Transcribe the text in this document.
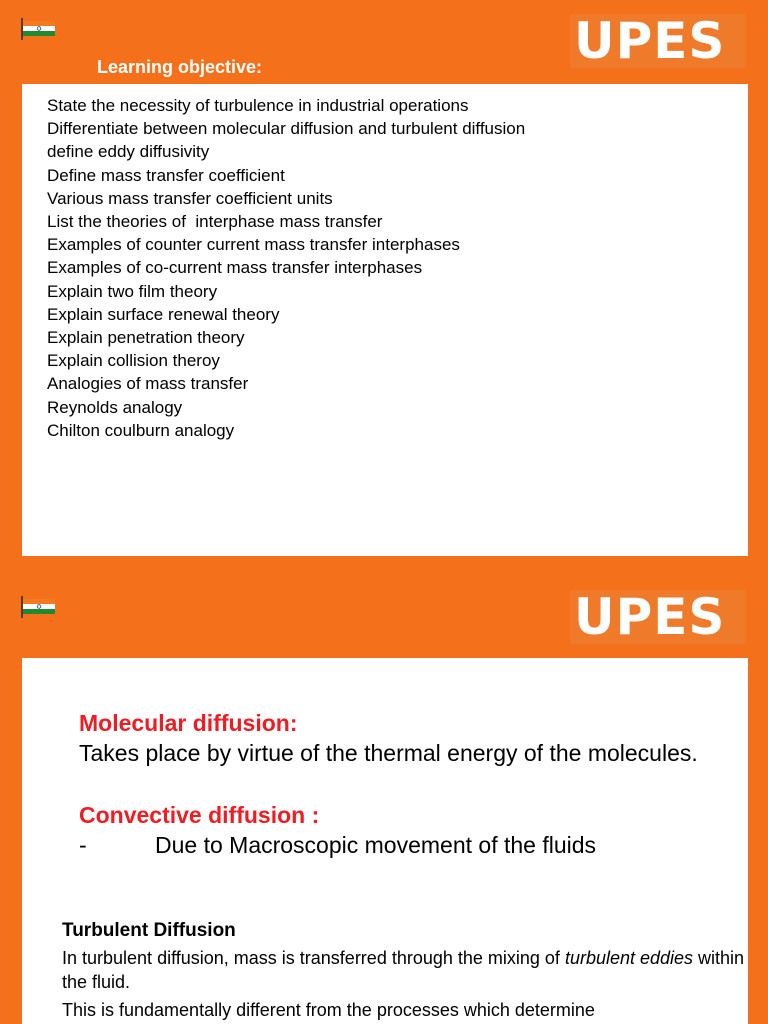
UPES
Learning objective:
State the necessity of turbulence in industrial operations
Differentiate between molecular diffusion and turbulent diffusion
define eddy diffusivity
Define mass transfer coefficient
Various mass transfer coefficient units
List the theories of  interphase mass transfer
Examples of counter current mass transfer interphases
Examples of co-current mass transfer interphases
Explain two film theory
Explain surface renewal theory
Explain penetration theory
Explain collision theroy
Analogies of mass transfer
Reynolds analogy
Chilton coulburn analogy
UPES
Molecular diffusion:
Takes place by virtue of the thermal energy of the molecules.
Convective diffusion :
-	Due to Macroscopic movement of the fluids
Turbulent Diffusion
In turbulent diffusion, mass is transferred through the mixing of turbulent eddies within the fluid.
This is fundamentally different from the processes which determine
